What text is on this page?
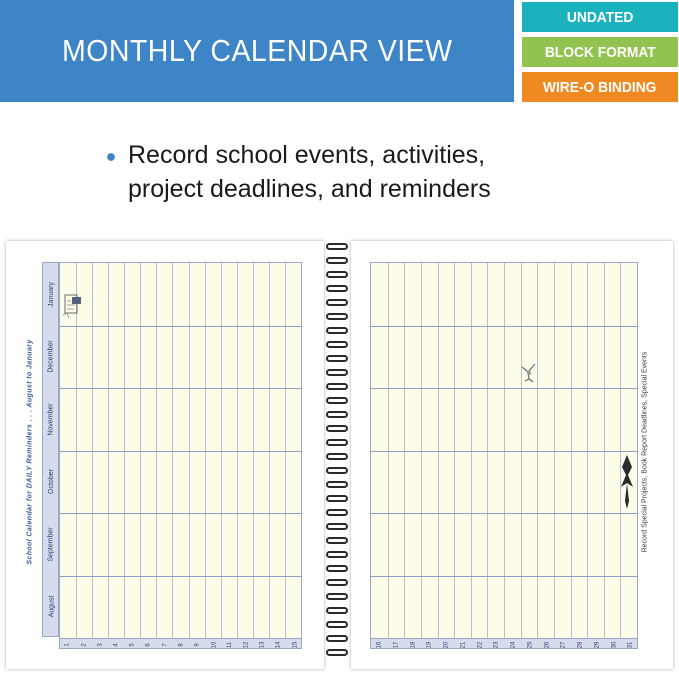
MONTHLY CALENDAR VIEW
UNDATED
BLOCK FORMAT
WIRE-O BINDING
Record school events, activities,
project deadlines, and reminders
School Calendar for DAILY Reminders . . . August to January
January
December
November
October
September
August
1 2 3 4 5 6 7 8 9 10 11 12 13 14 15	16 17 18 19 20 21 22 23 24 25 26 27 28 29 30 31
Record Special Projects, Book Report Deadlines, Special Events
